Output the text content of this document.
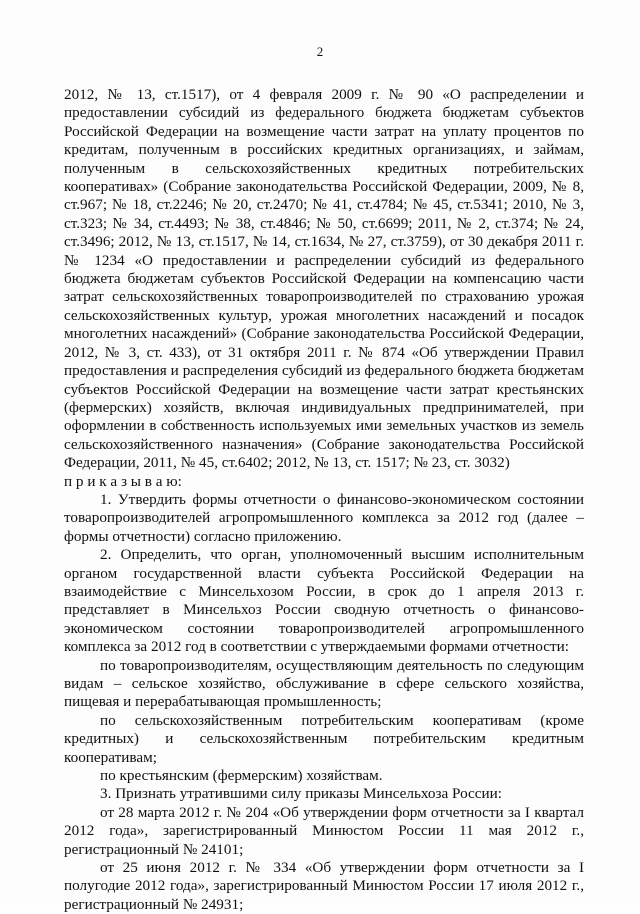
2

2012, № 13, ст.1517), от 4 февраля 2009 г. № 90 «О распределении и предоставлении субсидий из федерального бюджета бюджетам субъектов Российской Федерации на возмещение части затрат на уплату процентов по кредитам, полученным в российских кредитных организациях, и займам, полученным в сельскохозяйственных кредитных потребительских кооперативах» (Собрание законодательства Российской Федерации, 2009, № 8, ст.967; № 18, ст.2246; № 20, ст.2470; № 41, ст.4784; № 45, ст.5341; 2010, № 3, ст.323; № 34, ст.4493; № 38, ст.4846; № 50, ст.6699; 2011, № 2, ст.374; № 24, ст.3496; 2012, № 13, ст.1517, № 14, ст.1634, № 27, ст.3759), от 30 декабря 2011 г. № 1234 «О предоставлении и распределении субсидий из федерального бюджета бюджетам субъектов Российской Федерации на компенсацию части затрат сельскохозяйственных товаропроизводителей по страхованию урожая сельскохозяйственных культур, урожая многолетних насаждений и посадок многолетних насаждений» (Собрание законодательства Российской Федерации, 2012, № 3, ст. 433), от 31 октября 2011 г. № 874 «Об утверждении Правил предоставления и распределения субсидий из федерального бюджета бюджетам субъектов Российской Федерации на возмещение части затрат крестьянских (фермерских) хозяйств, включая индивидуальных предпринимателей, при оформлении в собственность используемых ими земельных участков из земель сельскохозяйственного назначения» (Собрание законодательства Российской Федерации, 2011, № 45, ст.6402; 2012, № 13, ст. 1517; № 23, ст. 3032)

п р и к а з ы в а ю:

1. Утвердить формы отчетности о финансово-экономическом состоянии товаропроизводителей агропромышленного комплекса за 2012 год (далее – формы отчетности) согласно приложению.

2. Определить, что орган, уполномоченный высшим исполнительным органом государственной власти субъекта Российской Федерации на взаимодействие с Минсельхозом России, в срок до 1 апреля 2013 г. представляет в Минсельхоз России сводную отчетность о финансово-экономическом состоянии товаропроизводителей агропромышленного комплекса за 2012 год в соответствии с утверждаемыми формами отчетности:

по товаропроизводителям, осуществляющим деятельность по следующим видам – сельское хозяйство, обслуживание в сфере сельского хозяйства, пищевая и перерабатывающая промышленность;

по сельскохозяйственным потребительским кооперативам (кроме кредитных) и сельскохозяйственным потребительским кредитным кооперативам;

по крестьянским (фермерским) хозяйствам.

3. Признать утратившими силу приказы Минсельхоза России:

от 28 марта 2012 г. № 204 «Об утверждении форм отчетности за I квартал 2012 года», зарегистрированный Минюстом России 11 мая 2012 г., регистрационный № 24101;

от 25 июня 2012 г. № 334 «Об утверждении форм отчетности за I полугодие 2012 года», зарегистрированный Минюстом России 17 июля 2012 г., регистрационный № 24931;
